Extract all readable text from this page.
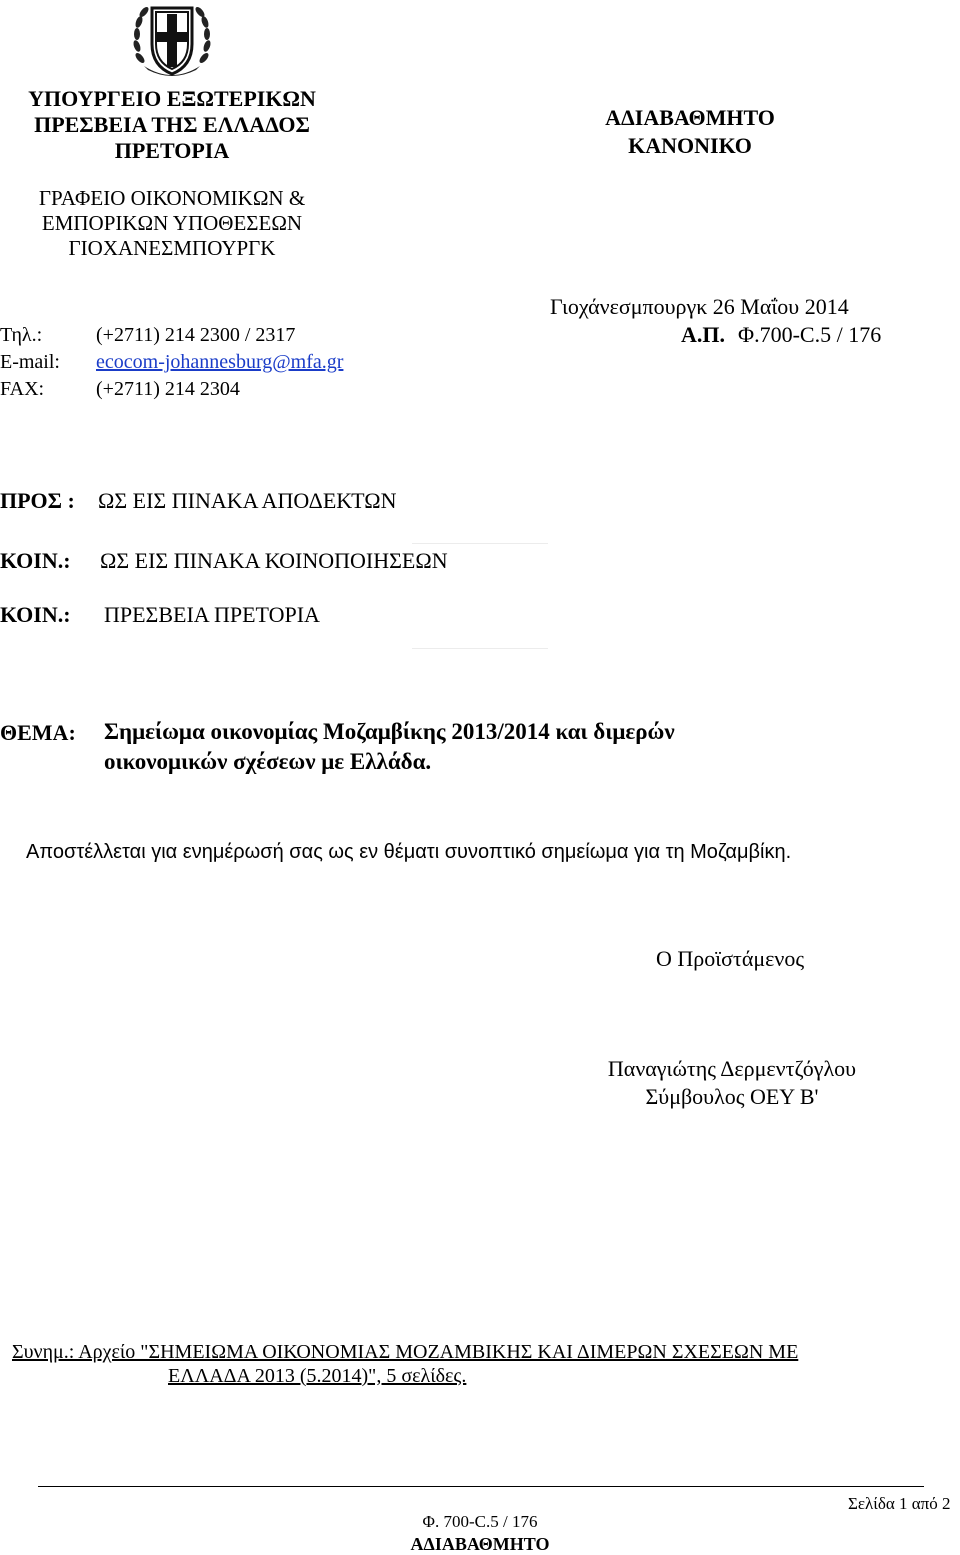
ΥΠΟΥΡΓΕΙΟ ΕΞΩΤΕΡΙΚΩΝ
ΠΡΕΣΒΕΙΑ ΤΗΣ ΕΛΛΑΔΟΣ
ΠΡΕΤΟΡΙΑ
ΑΔΙΑΒΑΘΜΗΤΟ
ΚΑΝΟΝΙΚΟ
ΓΡΑΦΕΙΟ ΟΙΚΟΝΟΜΙΚΩΝ &
ΕΜΠΟΡΙΚΩΝ ΥΠΟΘΕΣΕΩΝ
ΓΙΟΧΑΝΕΣΜΠΟΥΡΓΚ
Γιοχάνεσμπουργκ 26 Μαΐου 2014
Τηλ.:	(+2711) 214 2300 / 2317	Α.Π. Φ.700-C.5 / 176
E-mail: ecocom-johannesburg@mfa.gr
FAX:	(+2711) 214 2304
ΠΡΟΣ : ΩΣ ΕΙΣ ΠΙΝΑΚΑ ΑΠΟΔΕΚΤΩΝ
ΚΟΙΝ.: ΩΣ ΕΙΣ ΠΙΝΑΚΑ ΚΟΙΝΟΠΟΙΗΣΕΩΝ
ΚΟΙΝ.: ΠΡΕΣΒΕΙΑ ΠΡΕΤΟΡΙΑ
ΘΕΜΑ: Σημείωμα οικονομίας Μοζαμβίκης 2013/2014 και διμερών
οικονομικών σχέσεων με Ελλάδα.
Αποστέλλεται για ενημέρωσή σας ως εν θέματι συνοπτικό σημείωμα για τη Μοζαμβίκη.
Ο Προϊστάμενος
Παναγιώτης Δερμεντζόγλου
Σύμβουλος ΟΕΥ Β'
Συνημ.: Αρχείο "ΣΗΜΕΙΩΜΑ ΟΙΚΟΝΟΜΙΑΣ ΜΟΖΑΜΒΙΚΗΣ ΚΑΙ ΔΙΜΕΡΩΝ ΣΧΕΣΕΩΝ ΜΕ
ΕΛΛΑΔΑ 2013 (5.2014)", 5 σελίδες.
Σελίδα 1 από 2
Φ. 700-C.5 / 176
ΑΔΙΑΒΑΘΜΗΤΟ
